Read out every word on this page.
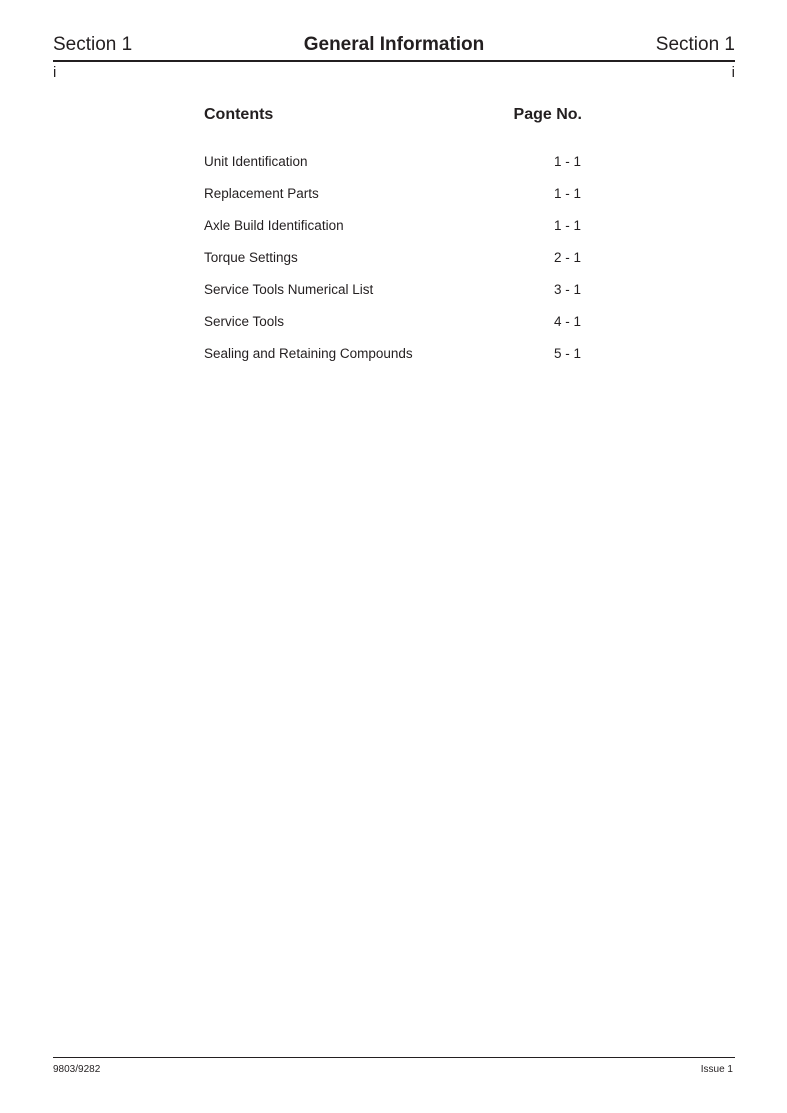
Section 1	General Information	Section 1
i	i
Contents	Page No.
Unit Identification	1 - 1
Replacement Parts	1 - 1
Axle Build Identification	1 - 1
Torque Settings	2 - 1
Service Tools Numerical List	3 - 1
Service Tools	4 - 1
Sealing and Retaining Compounds	5 - 1
9803/9282	Issue 1
